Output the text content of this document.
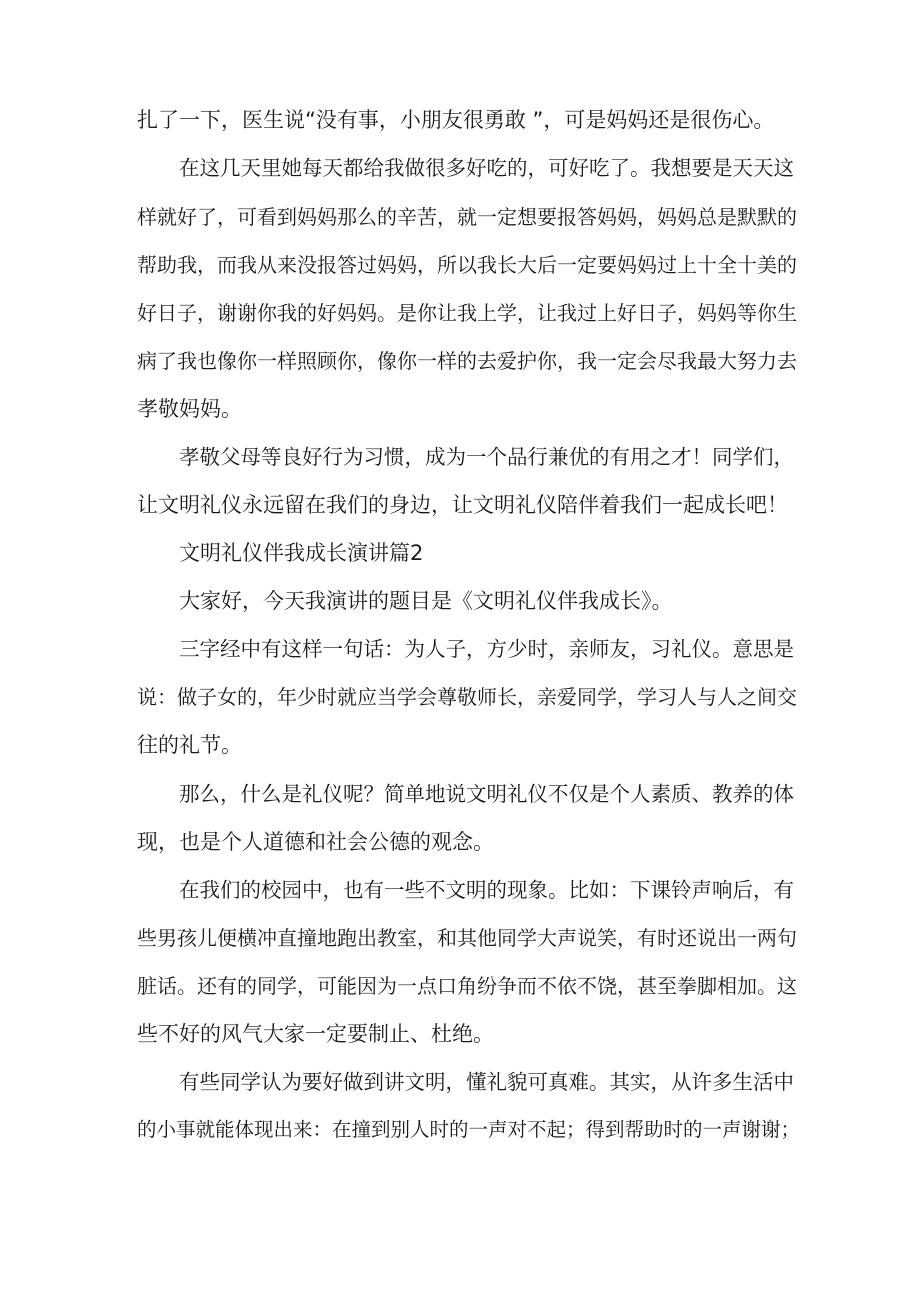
扎了一下，医生说“没有事，小朋友很勇敢 ”，可是妈妈还是很伤心。
在这几天里她每天都给我做很多好吃的，可好吃了。我想要是天天这
样就好了，可看到妈妈那么的辛苦，就一定想要报答妈妈，妈妈总是默默的
帮助我，而我从来没报答过妈妈，所以我长大后一定要妈妈过上十全十美的
好日子，谢谢你我的好妈妈。是你让我上学，让我过上好日子，妈妈等你生
病了我也像你一样照顾你，像你一样的去爱护你，我一定会尽我最大努力去
孝敬妈妈。
孝敬父母等良好行为习惯，成为一个品行兼优的有用之才！同学们，
让文明礼仪永远留在我们的身边，让文明礼仪陪伴着我们一起成长吧！
文明礼仪伴我成长演讲篇2
大家好，今天我演讲的题目是《文明礼仪伴我成长》。
三字经中有这样一句话：为人子，方少时，亲师友，习礼仪。意思是
说：做子女的，年少时就应当学会尊敬师长，亲爱同学，学习人与人之间交
往的礼节。
那么，什么是礼仪呢？简单地说文明礼仪不仅是个人素质、教养的体
现，也是个人道德和社会公德的观念。
在我们的校园中，也有一些不文明的现象。比如：下课铃声响后，有
些男孩儿便横冲直撞地跑出教室，和其他同学大声说笑，有时还说出一两句
脏话。还有的同学，可能因为一点口角纷争而不依不饶，甚至拳脚相加。这
些不好的风气大家一定要制止、杜绝。
有些同学认为要好做到讲文明，懂礼貌可真难。其实，从许多生活中
的小事就能体现出来：在撞到别人时的一声对不起；得到帮助时的一声谢谢；
